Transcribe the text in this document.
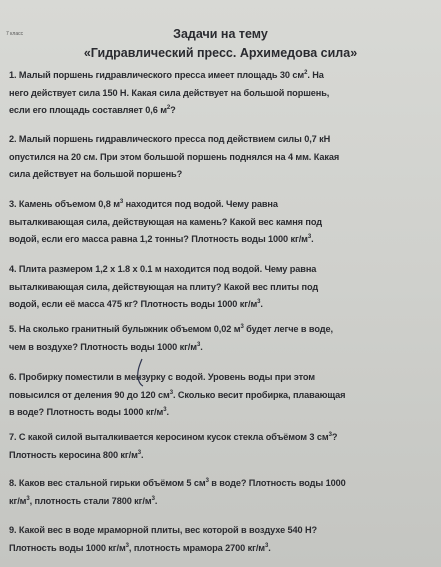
7 класс	Задачи на тему
«Гидравлический пресс. Архимедова сила»
1. Малый поршень гидравлического пресса имеет площадь 30 $см^2$. На
него действует сила 150 Н. Какая сила действует на большой поршень,
если его площадь составляет 0,6 $м^2$?
2. Малый поршень гидравлического пресса под действием силы 0,7 кН
опустился на 20 см. При этом большой поршень поднялся на 4 мм. Какая
сила действует на большой поршень?
3. Камень объемом 0,8 $м^3$ находится под водой. Чему равна
выталкивающая сила, действующая на камень? Какой вес камня под
водой, если его масса равна 1,2 тонны? Плотность воды 1000 $кг/м^3$.
4. Плита размером 1,2 х 1.8 х 0.1 м находится под водой. Чему равна
выталкивающая сила, действующая на плиту? Какой вес плиты под
водой, если её масса 475 кг? Плотность воды 1000 $кг/м^3$.
5. На сколько гранитный булыжник объемом 0,02 $м^3$ будет легче в воде,
чем в воздухе? Плотность воды 1000 $кг/м^3$.
6. Пробирку поместили в мензурку с водой. Уровень воды при этом
повысился от деления 90 до 120 $см^3$. Сколько весит пробирка, плавающая
в воде? Плотность воды 1000 $кг/м^3$.
7. С какой силой выталкивается керосином кусок стекла объёмом 3 $см^3$?
Плотность керосина 800 $кг/м^3$.
8. Каков вес стальной гирьки объёмом 5 $см^3$ в воде? Плотность воды 1000
$кг/м^3$, плотность стали 7800 $кг/м^3$.
9. Какой вес в воде мраморной плиты, вес которой в воздухе 540 Н?
Плотность воды 1000 $кг/м^3$, плотность мрамора 2700 $кг/м^3$.
